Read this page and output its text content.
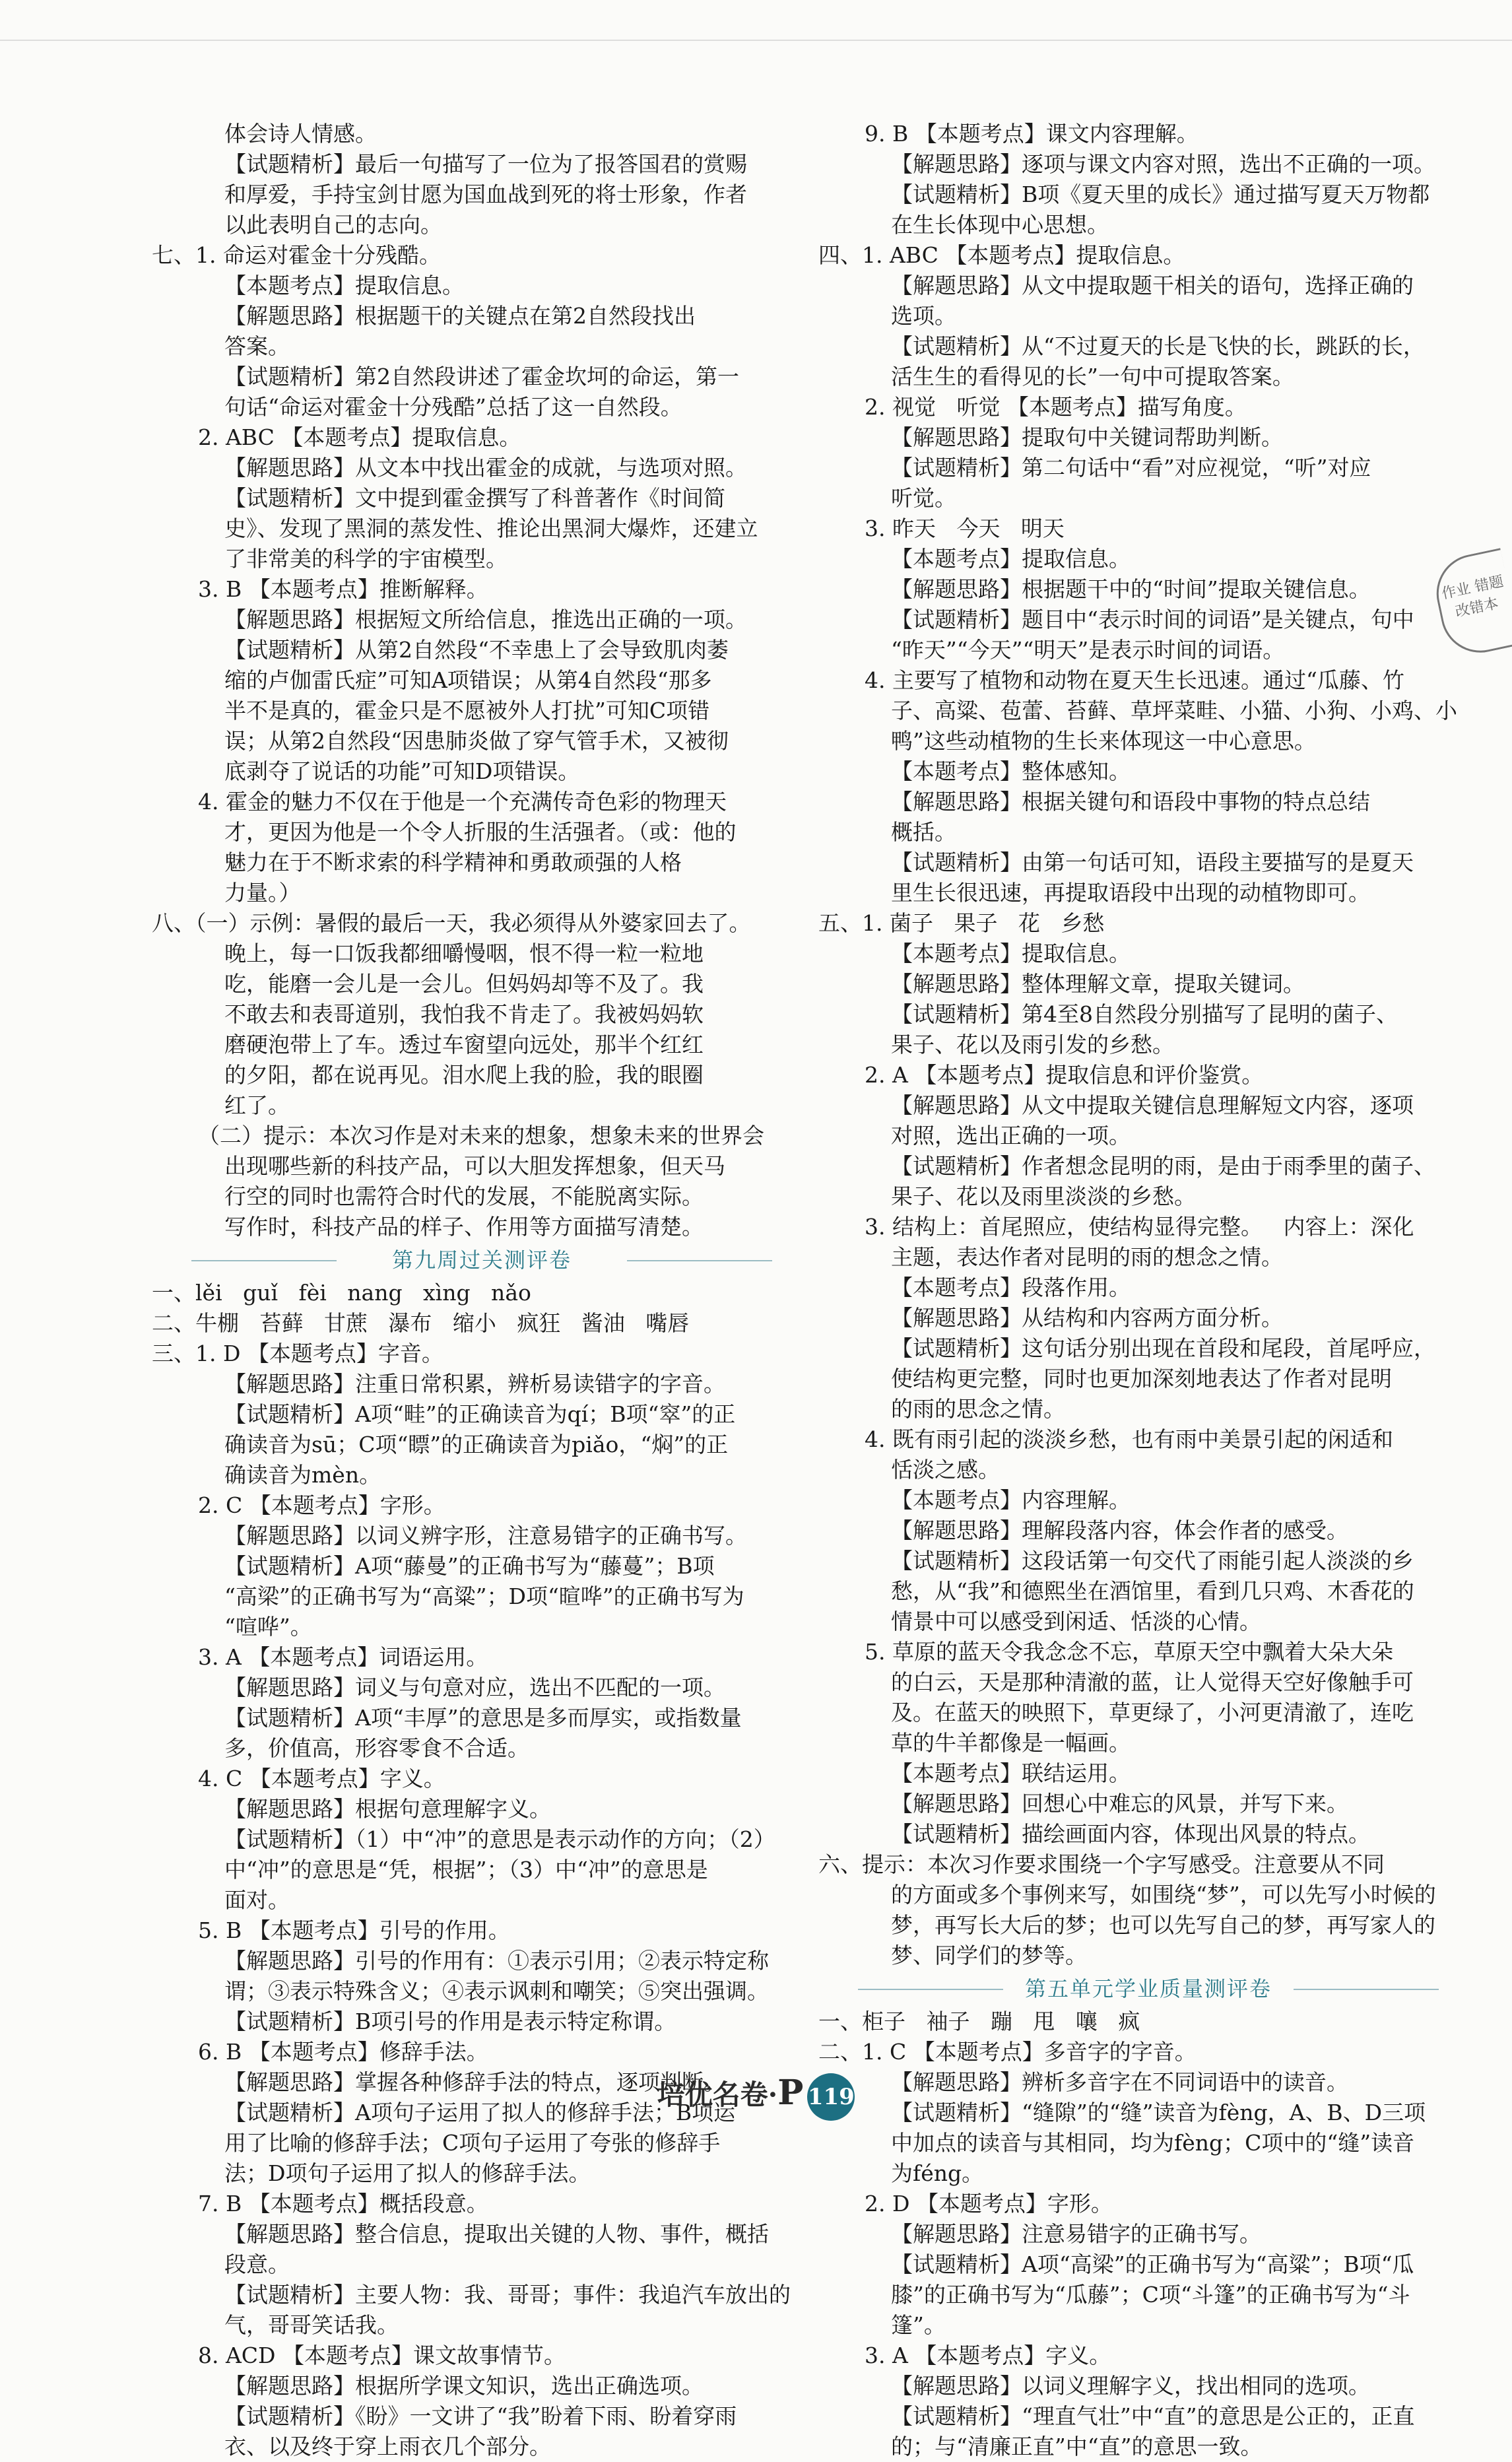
体会诗人情感。
【试题精析】最后一句描写了一位为了报答国君的赏赐
和厚爱，手持宝剑甘愿为国血战到死的将士形象，作者
以此表明自己的志向。
七、1. 命运对霍金十分残酷。
【本题考点】提取信息。
【解题思路】根据题干的关键点在第2自然段找出
答案。
【试题精析】第2自然段讲述了霍金坎坷的命运，第一
句话“命运对霍金十分残酷”总括了这一自然段。
2. ABC 【本题考点】提取信息。
【解题思路】从文本中找出霍金的成就，与选项对照。
【试题精析】文中提到霍金撰写了科普著作《时间简
史》、发现了黑洞的蒸发性、推论出黑洞大爆炸，还建立
了非常美的科学的宇宙模型。
3. B 【本题考点】推断解释。
【解题思路】根据短文所给信息，推选出正确的一项。
【试题精析】从第2自然段“不幸患上了会导致肌肉萎
缩的卢伽雷氏症”可知A项错误；从第4自然段“那多
半不是真的，霍金只是不愿被外人打扰”可知C项错
误；从第2自然段“因患肺炎做了穿气管手术，又被彻
底剥夺了说话的功能”可知D项错误。
4. 霍金的魅力不仅在于他是一个充满传奇色彩的物理天
才，更因为他是一个令人折服的生活强者。（或：他的
魅力在于不断求索的科学精神和勇敢顽强的人格
力量。）
八、（一）示例：暑假的最后一天，我必须得从外婆家回去了。
晚上，每一口饭我都细嚼慢咽，恨不得一粒一粒地
吃，能磨一会儿是一会儿。但妈妈却等不及了。我
不敢去和表哥道别，我怕我不肯走了。我被妈妈软
磨硬泡带上了车。透过车窗望向远处，那半个红红
的夕阳，都在说再见。泪水爬上我的脸，我的眼圈
红了。
（二）提示：本次习作是对未来的想象，想象未来的世界会
出现哪些新的科技产品，可以大胆发挥想象，但天马
行空的同时也需符合时代的发展，不能脱离实际。
写作时，科技产品的样子、作用等方面描写清楚。
第九周过关测评卷
一、lěi   guǐ   fèi   nang   xìng   nǎo
二、牛棚   苔藓   甘蔗   瀑布   缩小   疯狂   酱油   嘴唇
三、1. D 【本题考点】字音。
【解题思路】注重日常积累，辨析易读错字的字音。
【试题精析】A项“畦”的正确读音为qí；B项“窣”的正
确读音为sū；C项“瞟”的正确读音为piǎo，“焖”的正
确读音为mèn。
2. C 【本题考点】字形。
【解题思路】以词义辨字形，注意易错字的正确书写。
【试题精析】A项“藤曼”的正确书写为“藤蔓”；B项
“高梁”的正确书写为“高粱”；D项“暄哗”的正确书写为
“喧哗”。
3. A 【本题考点】词语运用。
【解题思路】词义与句意对应，选出不匹配的一项。
【试题精析】A项“丰厚”的意思是多而厚实，或指数量
多，价值高，形容零食不合适。
4. C 【本题考点】字义。
【解题思路】根据句意理解字义。
【试题精析】（1）中“冲”的意思是表示动作的方向；（2）
中“冲”的意思是“凭，根据”；（3）中“冲”的意思是
面对。
5. B 【本题考点】引号的作用。
【解题思路】引号的作用有：①表示引用；②表示特定称
谓；③表示特殊含义；④表示讽刺和嘲笑；⑤突出强调。
【试题精析】B项引号的作用是表示特定称谓。
6. B 【本题考点】修辞手法。
【解题思路】掌握各种修辞手法的特点，逐项判断。
【试题精析】A项句子运用了拟人的修辞手法；B项运
用了比喻的修辞手法；C项句子运用了夸张的修辞手
法；D项句子运用了拟人的修辞手法。
7. B 【本题考点】概括段意。
【解题思路】整合信息，提取出关键的人物、事件，概括
段意。
【试题精析】主要人物：我、哥哥；事件：我追汽车放出的
气，哥哥笑话我。
8. ACD 【本题考点】课文故事情节。
【解题思路】根据所学课文知识，选出正确选项。
【试题精析】《盼》一文讲了“我”盼着下雨、盼着穿雨
衣、以及终于穿上雨衣几个部分。
9. B 【本题考点】课文内容理解。
【解题思路】逐项与课文内容对照，选出不正确的一项。
【试题精析】B项《夏天里的成长》通过描写夏天万物都
在生长体现中心思想。
四、1. ABC 【本题考点】提取信息。
【解题思路】从文中提取题干相关的语句，选择正确的
选项。
【试题精析】从“不过夏天的长是飞快的长，跳跃的长，
活生生的看得见的长”一句中可提取答案。
2. 视觉   听觉 【本题考点】描写角度。
【解题思路】提取句中关键词帮助判断。
【试题精析】第二句话中“看”对应视觉，“听”对应
听觉。
3. 昨天   今天   明天
【本题考点】提取信息。
【解题思路】根据题干中的“时间”提取关键信息。
【试题精析】题目中“表示时间的词语”是关键点，句中
“昨天”“今天”“明天”是表示时间的词语。
4. 主要写了植物和动物在夏天生长迅速。通过“瓜藤、竹
子、高粱、苞蕾、苔藓、草坪菜畦、小猫、小狗、小鸡、小
鸭”这些动植物的生长来体现这一中心意思。
【本题考点】整体感知。
【解题思路】根据关键句和语段中事物的特点总结
概括。
【试题精析】由第一句话可知，语段主要描写的是夏天
里生长很迅速，再提取语段中出现的动植物即可。
五、1. 菌子   果子   花   乡愁
【本题考点】提取信息。
【解题思路】整体理解文章，提取关键词。
【试题精析】第4至8自然段分别描写了昆明的菌子、
果子、花以及雨引发的乡愁。
2. A 【本题考点】提取信息和评价鉴赏。
【解题思路】从文中提取关键信息理解短文内容，逐项
对照，选出正确的一项。
【试题精析】作者想念昆明的雨，是由于雨季里的菌子、
果子、花以及雨里淡淡的乡愁。
3. 结构上：首尾照应，使结构显得完整。   内容上：深化
主题，表达作者对昆明的雨的想念之情。
【本题考点】段落作用。
【解题思路】从结构和内容两方面分析。
【试题精析】这句话分别出现在首段和尾段，首尾呼应，
使结构更完整，同时也更加深刻地表达了作者对昆明
的雨的思念之情。
4. 既有雨引起的淡淡乡愁，也有雨中美景引起的闲适和
恬淡之感。
【本题考点】内容理解。
【解题思路】理解段落内容，体会作者的感受。
【试题精析】这段话第一句交代了雨能引起人淡淡的乡
愁，从“我”和德熙坐在酒馆里，看到几只鸡、木香花的
情景中可以感受到闲适、恬淡的心情。
5. 草原的蓝天令我念念不忘，草原天空中飘着大朵大朵
的白云，天是那种清澈的蓝，让人觉得天空好像触手可
及。在蓝天的映照下，草更绿了，小河更清澈了，连吃
草的牛羊都像是一幅画。
【本题考点】联结运用。
【解题思路】回想心中难忘的风景，并写下来。
【试题精析】描绘画面内容，体现出风景的特点。
六、提示：本次习作要求围绕一个字写感受。注意要从不同
的方面或多个事例来写，如围绕“梦”，可以先写小时候的
梦，再写长大后的梦；也可以先写自己的梦，再写家人的
梦、同学们的梦等。
第五单元学业质量测评卷
一、柜子   袖子   蹦   甩   嚷   疯
二、1. C 【本题考点】多音字的字音。
【解题思路】辨析多音字在不同词语中的读音。
【试题精析】“缝隙”的“缝”读音为fèng，A、B、D三项
中加点的读音与其相同，均为fèng；C项中的“缝”读音
为féng。
2. D 【本题考点】字形。
【解题思路】注意易错字的正确书写。
【试题精析】A项“高梁”的正确书写为“高粱”；B项“瓜
膝”的正确书写为“瓜藤”；C项“斗篷”的正确书写为“斗
篷”。
3. A 【本题考点】字义。
【解题思路】以词义理解字义，找出相同的选项。
【试题精析】“理直气壮”中“直”的意思是公正的，正直
的；与“清廉正直”中“直”的意思一致。
作业 错题 改错本
培优名卷·P 119
